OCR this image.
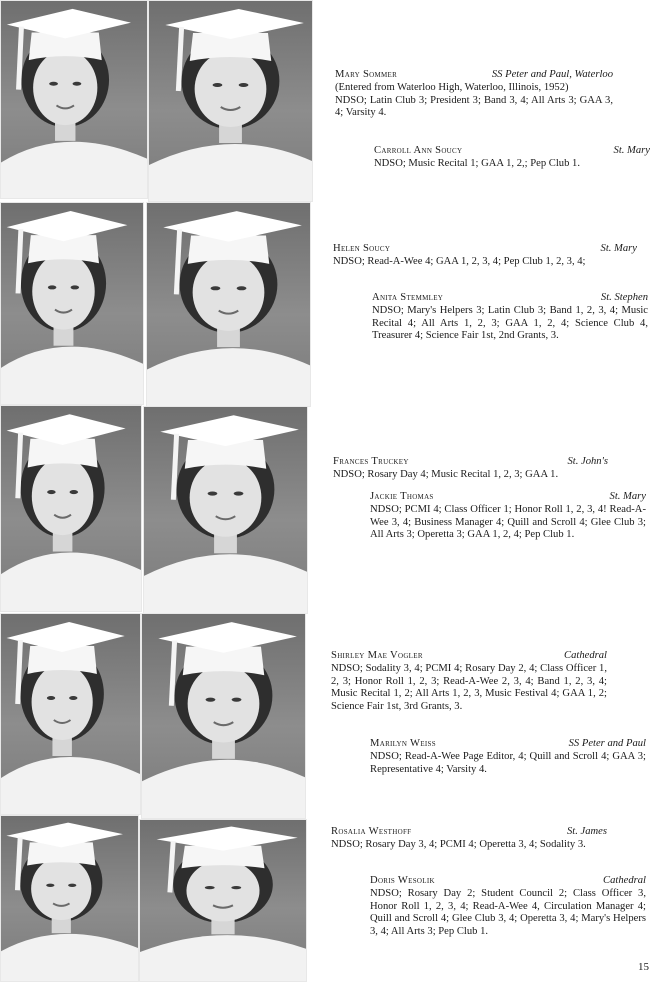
Mary Sommer	SS Peter and Paul, Waterloo
(Entered from Waterloo High, Waterloo, Illinois, 1952)
NDSO; Latin Club 3; President 3; Band 3, 4; All Arts 3; GAA 3, 4; Varsity 4.
Carroll Ann Soucy	St. Mary
NDSO; Music Recital 1; GAA 1, 2,; Pep Club 1.
Helen Soucy	St. Mary
NDSO; Read-A-Wee 4; GAA 1, 2, 3, 4; Pep Club 1, 2, 3, 4;
Anita Stemmley	St. Stephen
NDSO; Mary's Helpers 3; Latin Club 3; Band 1, 2, 3, 4; Music Recital 4; All Arts 1, 2, 3; GAA 1, 2, 4; Science Club 4, Treasurer 4; Science Fair 1st, 2nd Grants, 3.
Frances Truckey	St. John's
NDSO; Rosary Day 4; Music Recital 1, 2, 3; GAA 1.
Jackie Thomas	St. Mary
NDSO; PCMI 4; Class Officer 1; Honor Roll 1, 2, 3, 4! Read-A-Wee 3, 4; Business Manager 4; Quill and Scroll 4; Glee Club 3; All Arts 3; Operetta 3; GAA 1, 2, 4; Pep Club 1.
Shirley Mae Vogler	Cathedral
NDSO; Sodality 3, 4; PCMI 4; Rosary Day 2, 4; Class Officer 1, 2, 3; Honor Roll 1, 2, 3; Read-A-Wee 2, 3, 4; Band 1, 2, 3, 4; Music Recital 1, 2; All Arts 1, 2, 3, Music Festival 4; GAA 1, 2; Science Fair 1st, 3rd Grants, 3.
Marilyn Weiss	SS Peter and Paul
NDSO; Read-A-Wee Page Editor, 4; Quill and Scroll 4; GAA 3; Representative 4; Varsity 4.
Rosalia Westhoff	St. James
NDSO; Rosary Day 3, 4; PCMI 4; Operetta 3, 4; Sodality 3.
Doris Wesolik	Cathedral
NDSO; Rosary Day 2; Student Council 2; Class Officer 3, Honor Roll 1, 2, 3, 4; Read-A-Wee 4, Circulation Manager 4; Quill and Scroll 4; Glee Club 3, 4; Operetta 3, 4; Mary's Helpers 3, 4; All Arts 3; Pep Club 1.
15
